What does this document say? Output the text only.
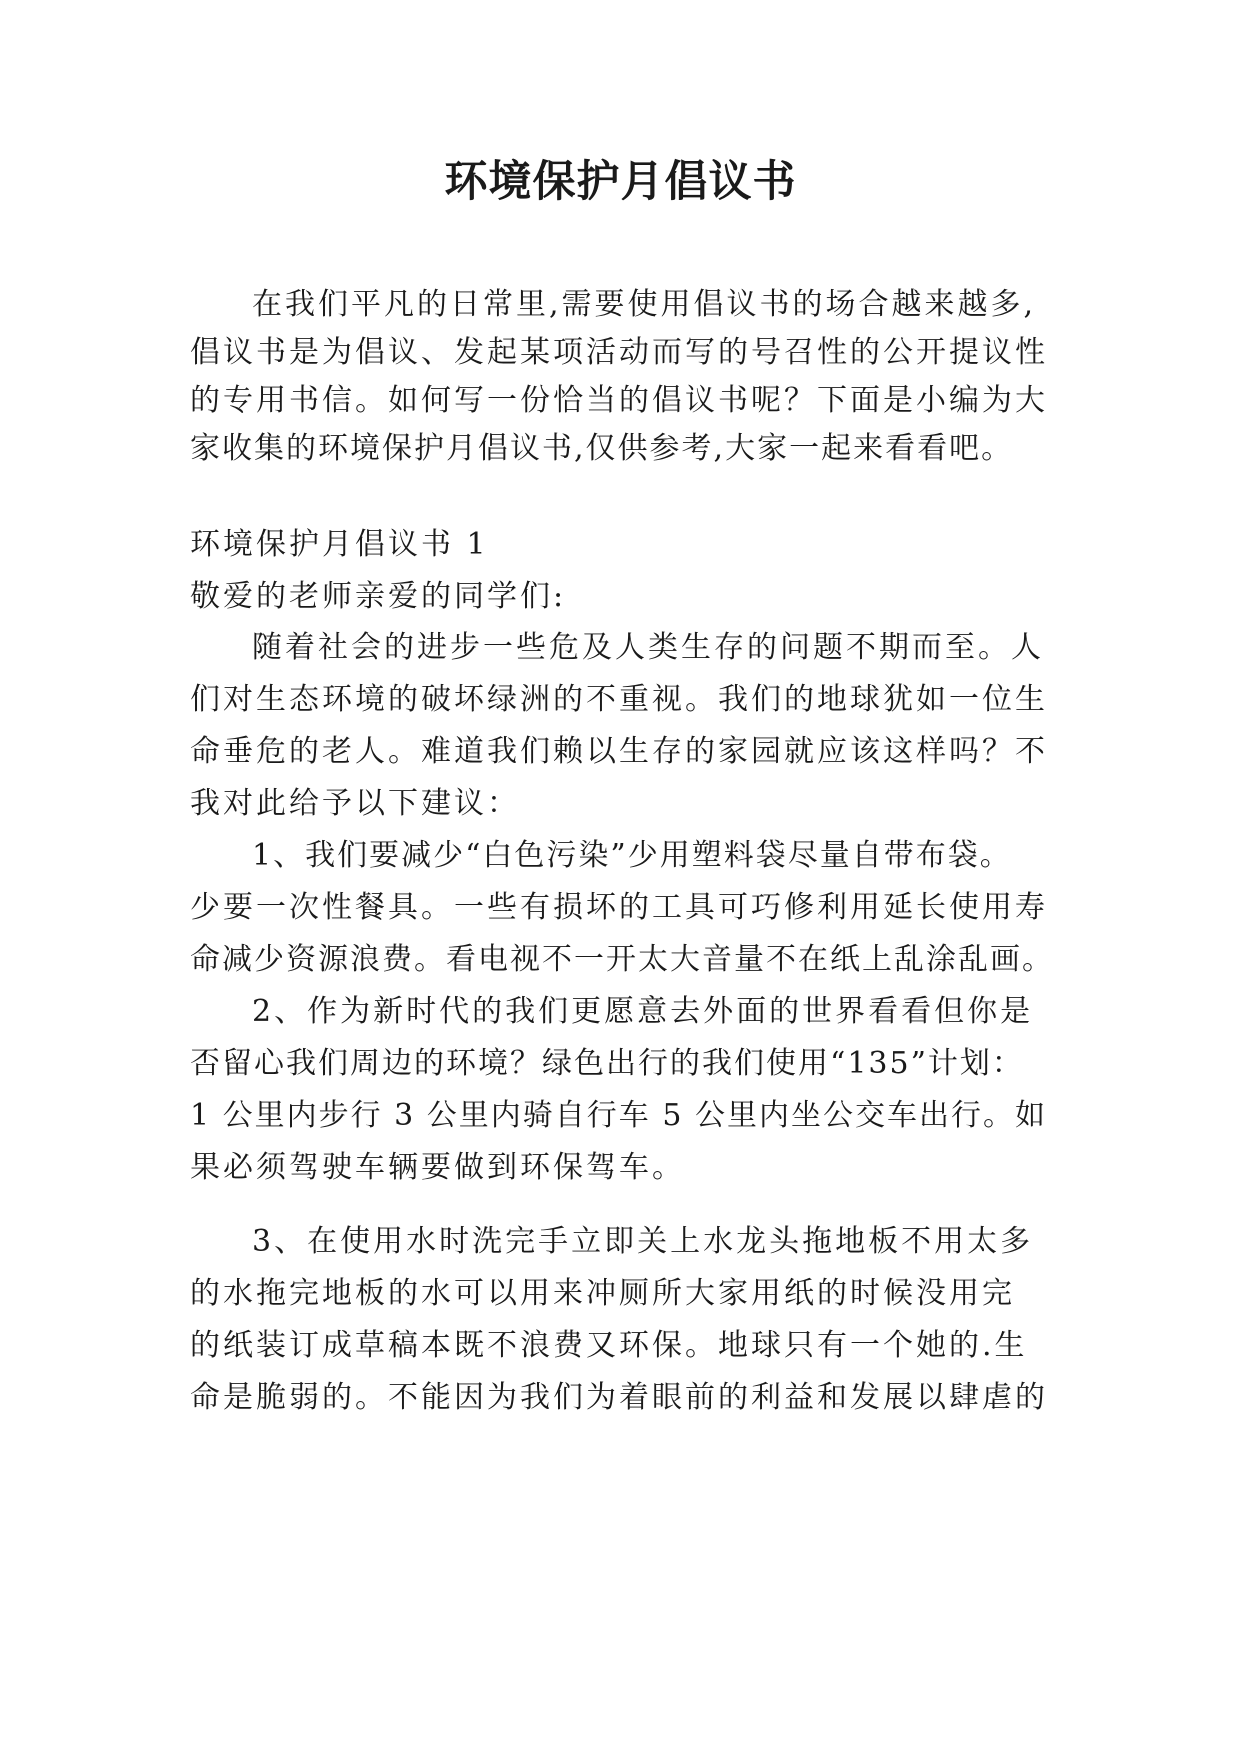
环境保护月倡议书

在我们平凡的日常里,需要使用倡议书的场合越来越多,

倡议书是为倡议、发起某项活动而写的号召性的公开提议性

的专用书信。如何写一份恰当的倡议书呢？下面是小编为大

家收集的环境保护月倡议书,仅供参考,大家一起来看看吧。

环境保护月倡议书 1

敬爱的老师亲爱的同学们:

随着社会的进步一些危及人类生存的问题不期而至。人

们对生态环境的破坏绿洲的不重视。我们的地球犹如一位生

命垂危的老人。难道我们赖以生存的家园就应该这样吗？不

我对此给予以下建议：

1、我们要减少“白色污染”少用塑料袋尽量自带布袋。

少要一次性餐具。一些有损坏的工具可巧修利用延长使用寿

命减少资源浪费。看电视不一开太大音量不在纸上乱涂乱画。

2、作为新时代的我们更愿意去外面的世界看看但你是

否留心我们周边的环境？绿色出行的我们使用“135”计划：

1 公里内步行 3 公里内骑自行车 5 公里内坐公交车出行。如

果必须驾驶车辆要做到环保驾车。

3、在使用水时洗完手立即关上水龙头拖地板不用太多

的水拖完地板的水可以用来冲厕所大家用纸的时候没用完

的纸装订成草稿本既不浪费又环保。地球只有一个她的.生

命是脆弱的。不能因为我们为着眼前的利益和发展以肆虐的
